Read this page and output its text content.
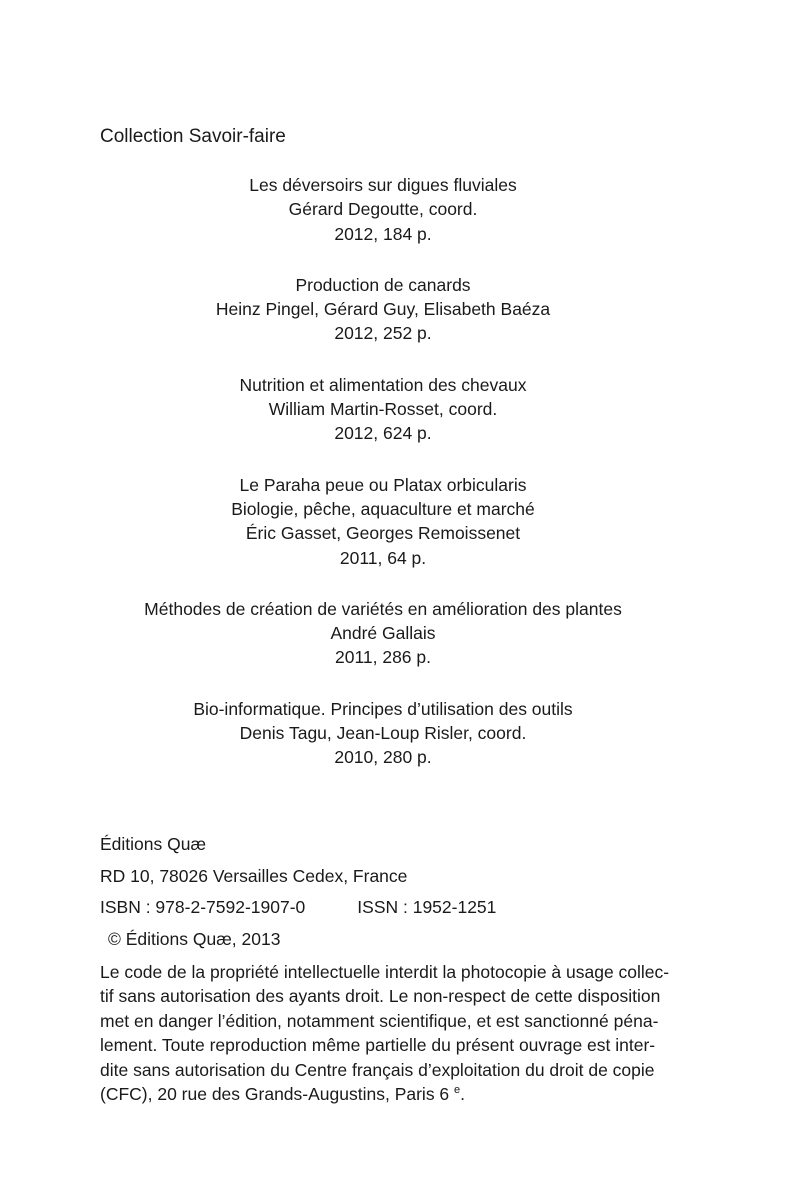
Collection Savoir-faire
Les déversoirs sur digues fluviales
Gérard Degoutte, coord.
2012, 184 p.
Production de canards
Heinz Pingel, Gérard Guy, Elisabeth Baéza
2012, 252 p.
Nutrition et alimentation des chevaux
William Martin-Rosset, coord.
2012, 624 p.
Le Paraha peue ou Platax orbicularis
Biologie, pêche, aquaculture et marché
Éric Gasset, Georges Remoissenet
2011, 64 p.
Méthodes de création de variétés en amélioration des plantes
André Gallais
2011, 286 p.
Bio-informatique. Principes d’utilisation des outils
Denis Tagu, Jean-Loup Risler, coord.
2010, 280 p.
Éditions Quæ
RD 10, 78026 Versailles Cedex, France
ISBN : 978-2-7592-1907-0	ISSN : 1952-1251
© Éditions Quæ, 2013
Le code de la propriété intellectuelle interdit la photocopie à usage collec-
tif sans autorisation des ayants droit. Le non-respect de cette disposition
met en danger l’édition, notamment scientifique, et est sanctionné péna-
lement. Toute reproduction même partielle du présent ouvrage est inter-
dite sans autorisation du Centre français d’exploitation du droit de copie
(CFC), 20 rue des Grands-Augustins, Paris 6 $^e$.
